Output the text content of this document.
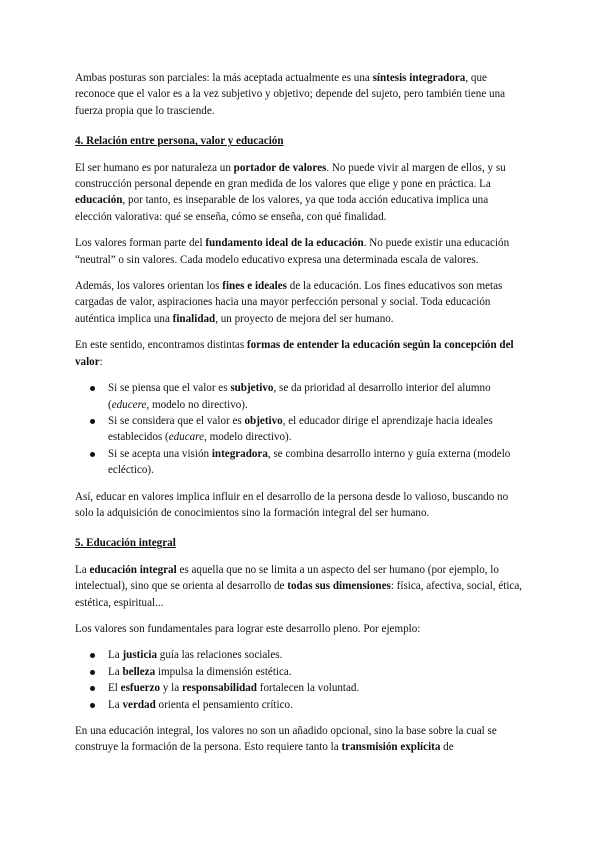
Ambas posturas son parciales: la más aceptada actualmente es una síntesis integradora, que reconoce que el valor es a la vez subjetivo y objetivo; depende del sujeto, pero también tiene una fuerza propia que lo trasciende.

4. Relación entre persona, valor y educación

El ser humano es por naturaleza un portador de valores. No puede vivir al margen de ellos, y su construcción personal depende en gran medida de los valores que elige y pone en práctica. La educación, por tanto, es inseparable de los valores, ya que toda acción educativa implica una elección valorativa: qué se enseña, cómo se enseña, con qué finalidad.

Los valores forman parte del fundamento ideal de la educación. No puede existir una educación “neutral” o sin valores. Cada modelo educativo expresa una determinada escala de valores.

Además, los valores orientan los fines e ideales de la educación. Los fines educativos son metas cargadas de valor, aspiraciones hacia una mayor perfección personal y social. Toda educación auténtica implica una finalidad, un proyecto de mejora del ser humano.

En este sentido, encontramos distintas formas de entender la educación según la concepción del valor:

Si se piensa que el valor es subjetivo, se da prioridad al desarrollo interior del alumno (educere, modelo no directivo).
Si se considera que el valor es objetivo, el educador dirige el aprendizaje hacia ideales establecidos (educare, modelo directivo).
Si se acepta una visión integradora, se combina desarrollo interno y guía externa (modelo ecléctico).

Así, educar en valores implica influir en el desarrollo de la persona desde lo valioso, buscando no solo la adquisición de conocimientos sino la formación integral del ser humano.

5. Educación integral

La educación integral es aquella que no se limita a un aspecto del ser humano (por ejemplo, lo intelectual), sino que se orienta al desarrollo de todas sus dimensiones: física, afectiva, social, ética, estética, espiritual...

Los valores son fundamentales para lograr este desarrollo pleno. Por ejemplo:

La justicia guía las relaciones sociales.
La belleza impulsa la dimensión estética.
El esfuerzo y la responsabilidad fortalecen la voluntad.
La verdad orienta el pensamiento crítico.

En una educación integral, los valores no son un añadido opcional, sino la base sobre la cual se construye la formación de la persona. Esto requiere tanto la transmisión explícita de
